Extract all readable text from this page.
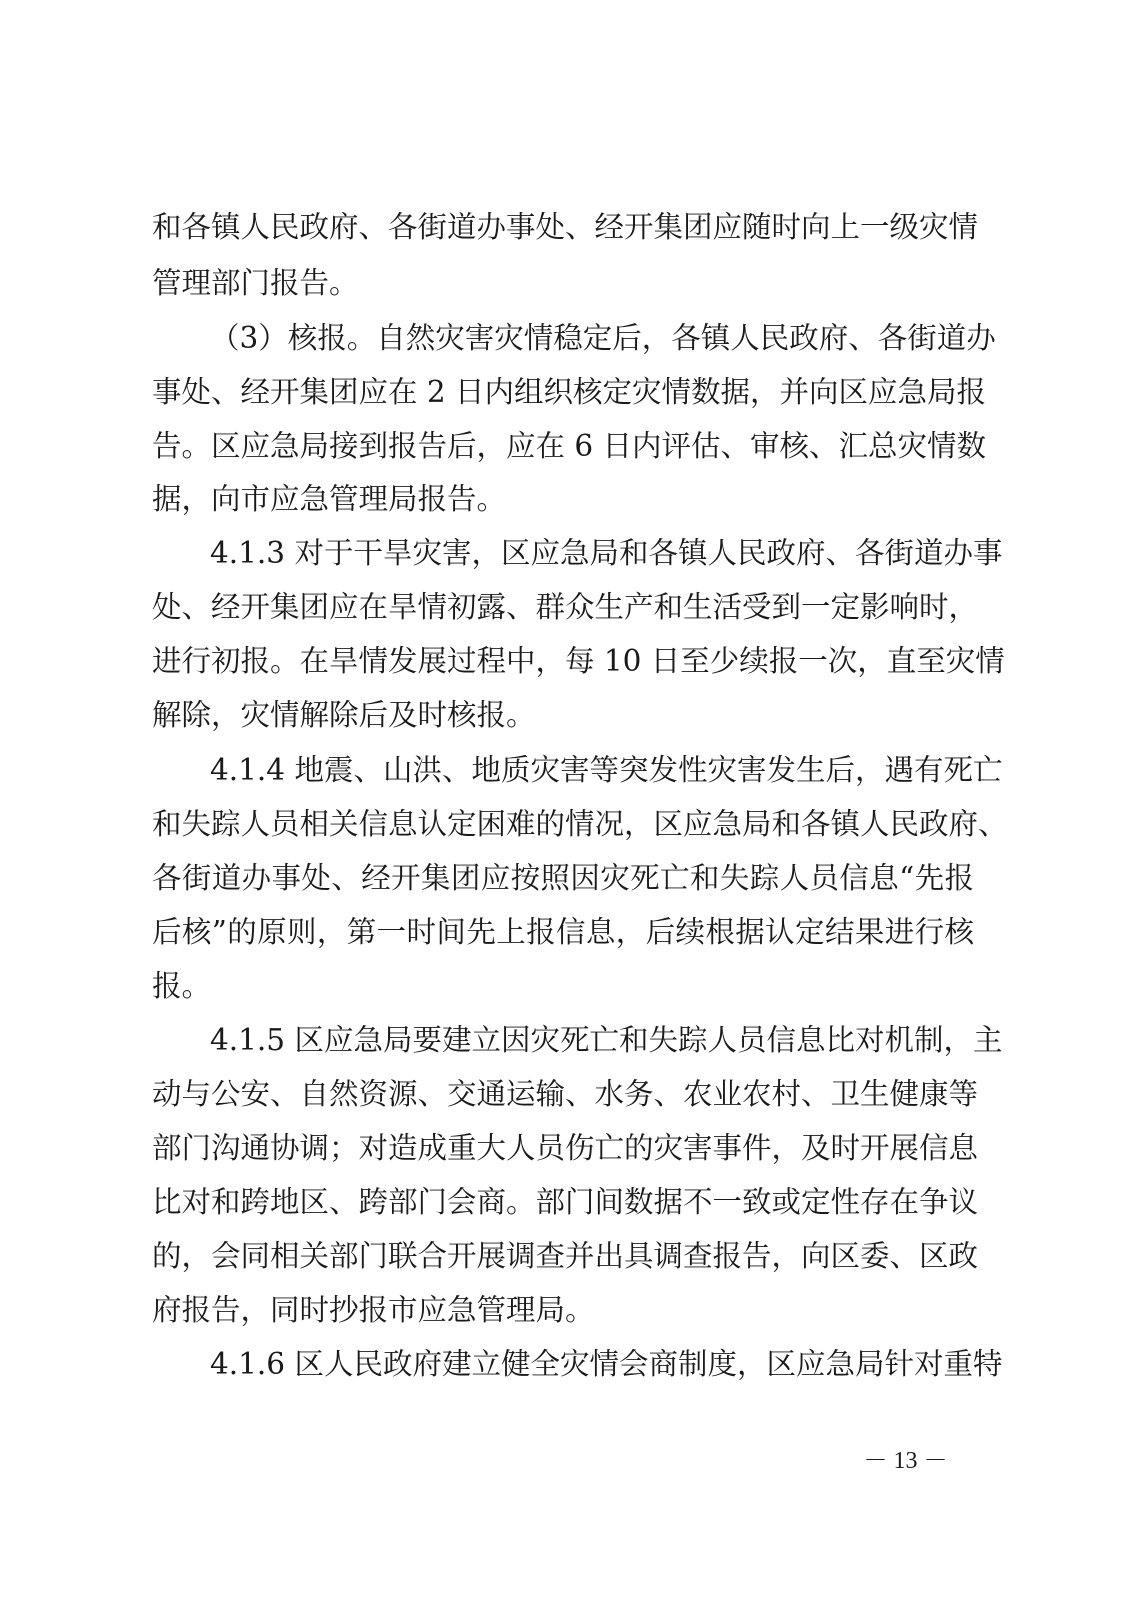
和各镇人民政府、各街道办事处、经开集团应随时向上一级灾情
管理部门报告。
（3）核报。自然灾害灾情稳定后，各镇人民政府、各街道办
事处、经开集团应在 2 日内组织核定灾情数据，并向区应急局报
告。区应急局接到报告后，应在 6 日内评估、审核、汇总灾情数
据，向市应急管理局报告。
4.1.3 对于干旱灾害，区应急局和各镇人民政府、各街道办事
处、经开集团应在旱情初露、群众生产和生活受到一定影响时，
进行初报。在旱情发展过程中，每 10 日至少续报一次，直至灾情
解除，灾情解除后及时核报。
4.1.4 地震、山洪、地质灾害等突发性灾害发生后，遇有死亡
和失踪人员相关信息认定困难的情况，区应急局和各镇人民政府、
各街道办事处、经开集团应按照因灾死亡和失踪人员信息“先报
后核”的原则，第一时间先上报信息，后续根据认定结果进行核
报。
4.1.5 区应急局要建立因灾死亡和失踪人员信息比对机制，主
动与公安、自然资源、交通运输、水务、农业农村、卫生健康等
部门沟通协调；对造成重大人员伤亡的灾害事件，及时开展信息
比对和跨地区、跨部门会商。部门间数据不一致或定性存在争议
的，会同相关部门联合开展调查并出具调查报告，向区委、区政
府报告，同时抄报市应急管理局。
4.1.6 区人民政府建立健全灾情会商制度，区应急局针对重特
－ 13 －
